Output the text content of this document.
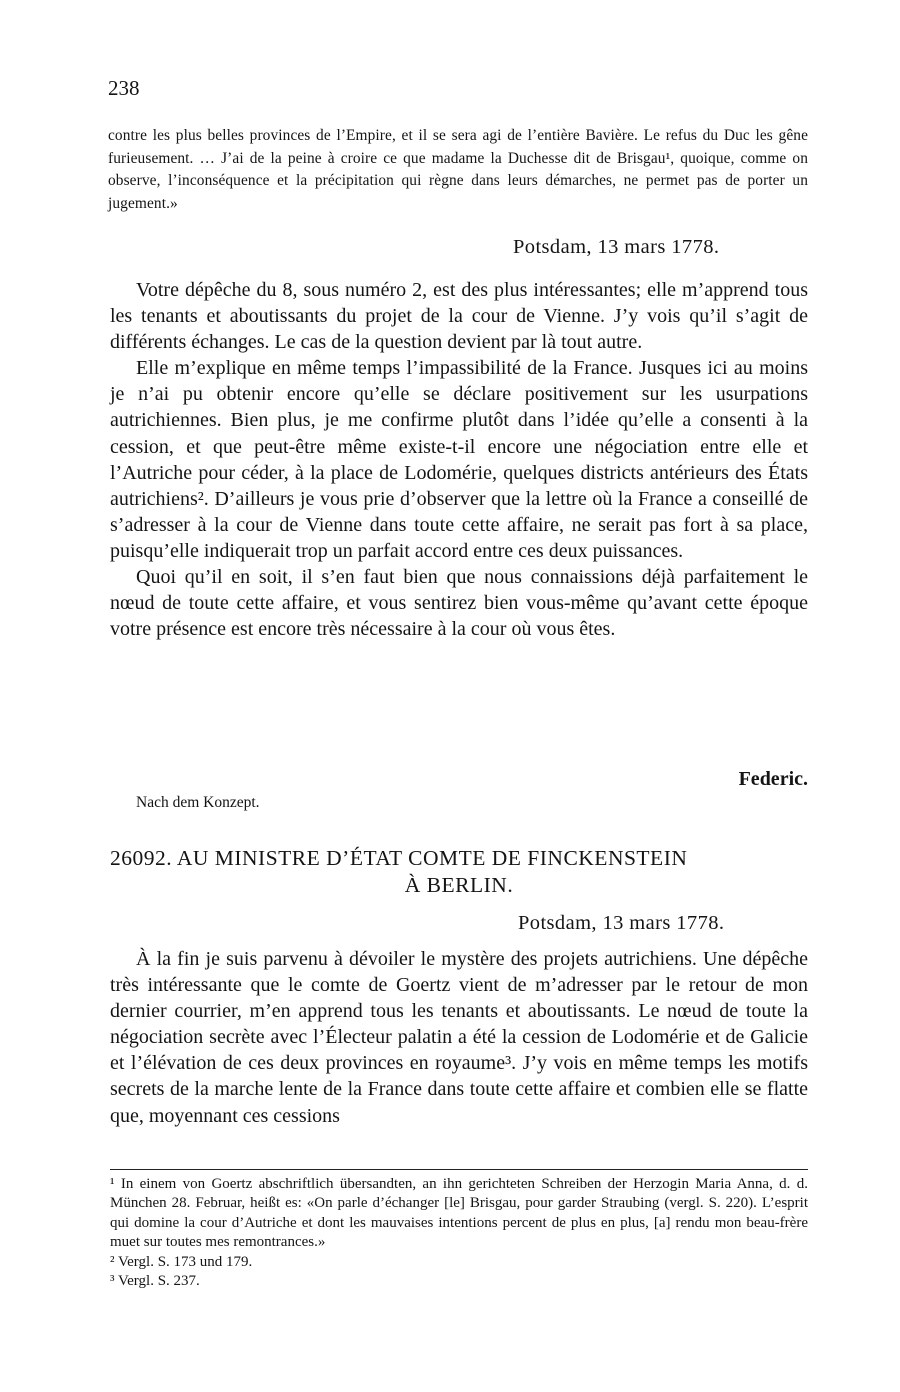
238
contre les plus belles provinces de l’Empire, et il se sera agi de l’entière Bavière. Le refus du Duc les gêne furieusement. … J’ai de la peine à croire ce que madame la Duchesse dit de Brisgau¹, quoique, comme on observe, l’inconséquence et la précipitation qui règne dans leurs démarches, ne permet pas de porter un jugement.»
Potsdam, 13 mars 1778.

Votre dépêche du 8, sous numéro 2, est des plus intéressantes; elle m’apprend tous les tenants et aboutissants du projet de la cour de Vienne. J’y vois qu’il s’agit de différents échanges. Le cas de la question devient par là tout autre.

Elle m’explique en même temps l’impassibilité de la France. Jusques ici au moins je n’ai pu obtenir encore qu’elle se déclare positivement sur les usurpations autrichiennes. Bien plus, je me confirme plutôt dans l’idée qu’elle a consenti à la cession, et que peut-être même existe-t-il encore une négociation entre elle et l’Autriche pour céder, à la place de Lodomérie, quelques districts antérieurs des États autrichiens². D’ailleurs je vous prie d’observer que la lettre où la France a conseillé de s’adresser à la cour de Vienne dans toute cette affaire, ne serait pas fort à sa place, puisqu’elle indiquerait trop un parfait accord entre ces deux puissances.

Quoi qu’il en soit, il s’en faut bien que nous connaissions déjà parfaitement le nœud de toute cette affaire, et vous sentirez bien vous-même qu’avant cette époque votre présence est encore très nécessaire à la cour où vous êtes.

Federic.
Nach dem Konzept.
26092. AU MINISTRE D’ÉTAT COMTE DE FINCKENSTEIN
À BERLIN.
Potsdam, 13 mars 1778.

À la fin je suis parvenu à dévoiler le mystère des projets autrichiens. Une dépêche très intéressante que le comte de Goertz vient de m’adresser par le retour de mon dernier courrier, m’en apprend tous les tenants et aboutissants. Le nœud de toute la négociation secrète avec l’Électeur palatin a été la cession de Lodomérie et de Galicie et l’élévation de ces deux provinces en royaume³. J’y vois en même temps les motifs secrets de la marche lente de la France dans toute cette affaire et combien elle se flatte que, moyennant ces cessions

¹ In einem von Goertz abschriftlich übersandten, an ihn gerichteten Schreiben der Herzogin Maria Anna, d. d. München 28. Februar, heißt es: «On parle d’échanger [le] Brisgau, pour garder Straubing (vergl. S. 220). L’esprit qui domine la cour d’Autriche et dont les mauvaises intentions percent de plus en plus, [a] rendu mon beau-frère muet sur toutes mes remontrances.»

² Vergl. S. 173 und 179.

³ Vergl. S. 237.
